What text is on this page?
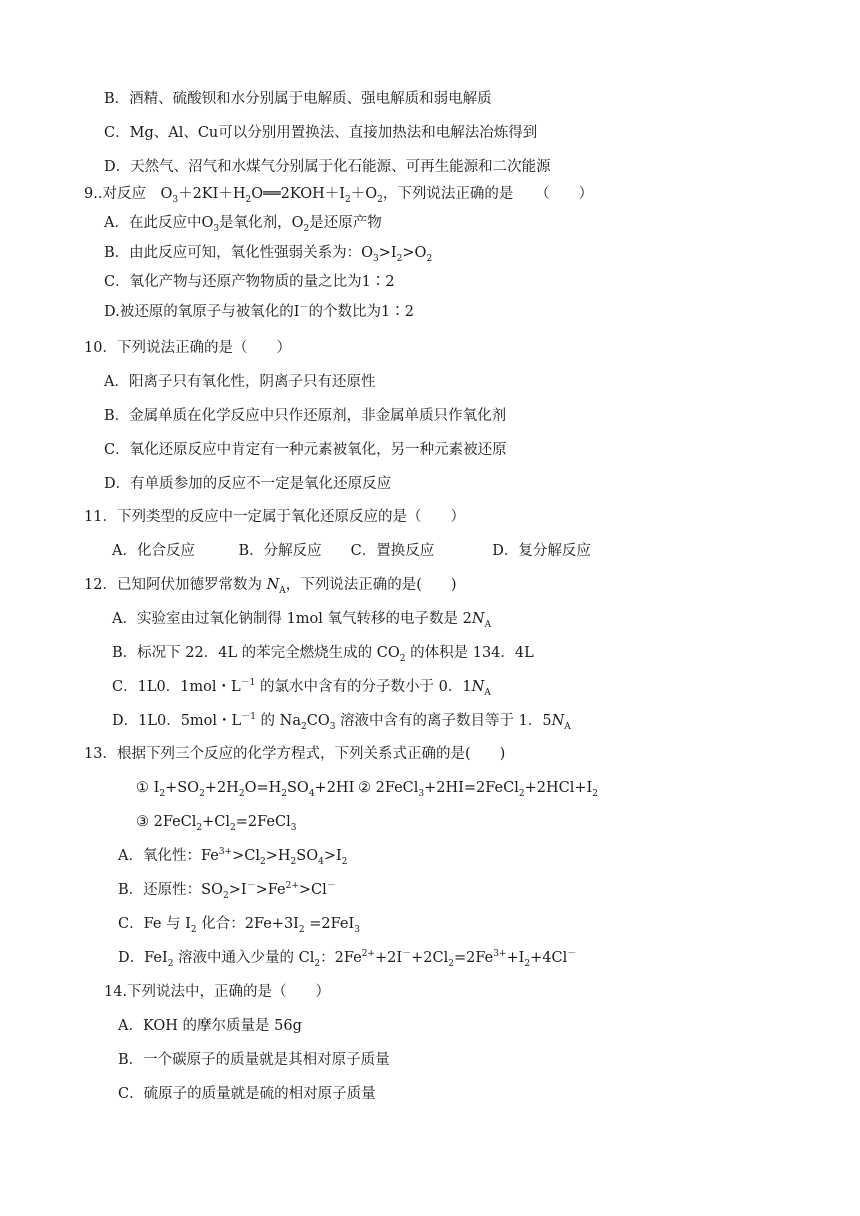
B．酒精、硫酸钡和水分别属于电解质、强电解质和弱电解质
C．Mg、Al、Cu可以分别用置换法、直接加热法和电解法冶炼得到
D．天然气、沼气和水煤气分别属于化石能源、可再生能源和二次能源
9..对反应　$O_3+2KI+H_2O══2KOH+I_2+O_2$，下列说法正确的是　　（　　）
A．在此反应中$O_3$是氧化剂，$O_2$是还原产物
B．由此反应可知，氧化性强弱关系为：$O_3>I_2>O_2$
C．氧化产物与还原产物物质的量之比为1∶2
D.被还原的氧原子与被氧化的I－的个数比为1∶2
10．下列说法正确的是（　　）
A．阳离子只有氧化性，阴离子只有还原性
B．金属单质在化学反应中只作还原剂，非金属单质只作氧化剂
C．氧化还原反应中肯定有一种元素被氧化，另一种元素被还原
D．有单质参加的反应不一定是氧化还原反应
11．下列类型的反应中一定属于氧化还原反应的是（　　）
A．化合反应　　　B．分解反应　　C．置换反应　　　　D．复分解反应
12．已知阿伏加德罗常数为 $N_A$，下列说法正确的是(　　)
A．实验室由过氧化钠制得 1mol 氧气转移的电子数是 $2N_A$
B．标况下 22．4L 的苯完全燃烧生成的 $CO_2$ 的体积是 134．4L
C．1L0．1mol・$L^{-1}$ 的氯水中含有的分子数小于 0．$1N_A$
D．1L0．5mol・$L^{-1}$ 的 $Na_2CO_3$ 溶液中含有的离子数目等于 1．$5N_A$
13．根据下列三个反应的化学方程式，下列关系式正确的是(　　)
① $I_2+SO_2+2H_2O=H_2SO_4+2HI$ ② $2FeCl_3+2HI=2FeCl_2+2HCl+I_2$
③ $2FeCl_2+Cl_2=2FeCl_3$
A．氧化性：$Fe^{3+}>Cl_2>H_2SO_4>I_2$
B．还原性：$SO_2>I^->Fe^{2+}>Cl^-$
C．Fe 与 $I_2$ 化合：$2Fe+3I_2 =2FeI_3$
D．FeI$_2$ 溶液中通入少量的 $Cl_2$：$2Fe^{2+}+2I^-+2Cl_2=2Fe^{3+}+I_2+4Cl^-$
14.下列说法中，正确的是（　　）
A．KOH 的摩尔质量是 56g
B．一个碳原子的质量就是其相对原子质量
C．硫原子的质量就是硫的相对原子质量
